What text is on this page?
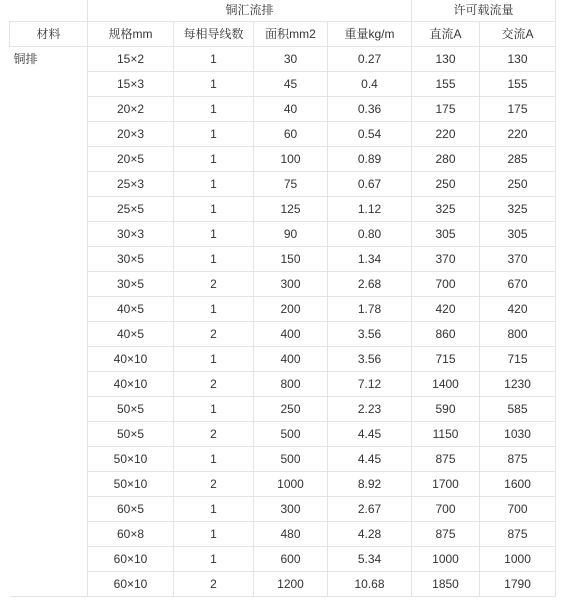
	铜汇流排				许可载流量	
材料	规格mm	每相导线数	面积mm2	重量kg/m	直流A	交流A
铜排	15×2	1	30	0.27	130	130
	15×3	1	45	0.4	155	155
	20×2	1	40	0.36	175	175
	20×3	1	60	0.54	220	220
	20×5	1	100	0.89	280	285
	25×3	1	75	0.67	250	250
	25×5	1	125	1.12	325	325
	30×3	1	90	0.80	305	305
	30×5	1	150	1.34	370	370
	30×5	2	300	2.68	700	670
	40×5	1	200	1.78	420	420
	40×5	2	400	3.56	860	800
	40×10	1	400	3.56	715	715
	40×10	2	800	7.12	1400	1230
	50×5	1	250	2.23	590	585
	50×5	2	500	4.45	1150	1030
	50×10	1	500	4.45	875	875
	50×10	2	1000	8.92	1700	1600
	60×5	1	300	2.67	700	700
	60×8	1	480	4.28	875	875
	60×10	1	600	5.34	1000	1000
	60×10	2	1200	10.68	1850	1790
